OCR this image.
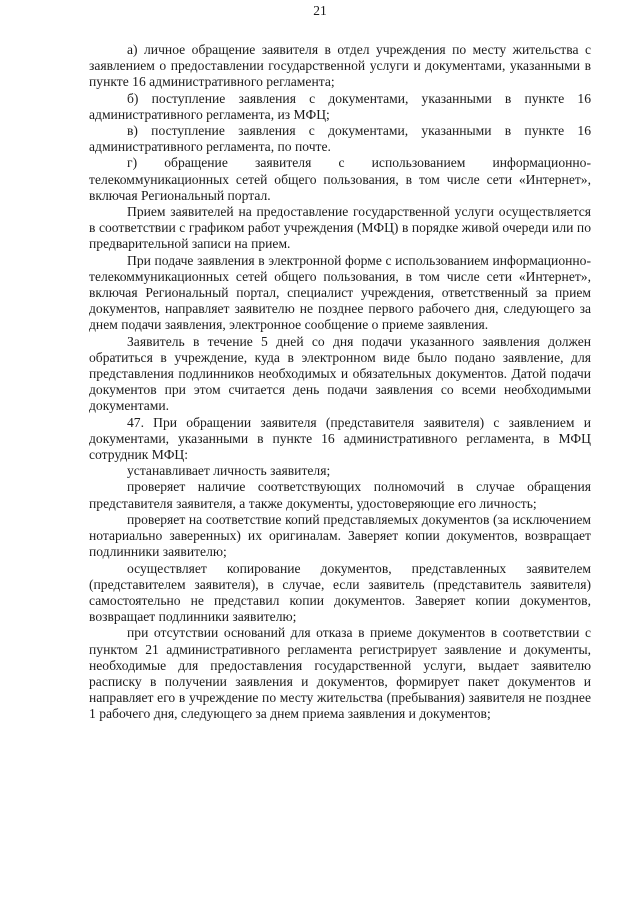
21

а) личное обращение заявителя в отдел учреждения по месту жительства с заявлением о предоставлении государственной услуги и документами, указанными в пункте 16 административного регламента;

б) поступление заявления с документами, указанными в пункте 16 административного регламента, из МФЦ;

в) поступление заявления с документами, указанными в пункте 16 административного регламента, по почте.

г) обращение заявителя с использованием информационно-телекоммуникационных сетей общего пользования, в том числе сети «Интернет», включая Региональный портал.

Прием заявителей на предоставление государственной услуги осуществляется в соответствии с графиком работ учреждения (МФЦ) в порядке живой очереди или по предварительной записи на прием.

При подаче заявления в электронной форме с использованием информационно-телекоммуникационных сетей общего пользования, в том числе сети «Интернет», включая Региональный портал, специалист учреждения, ответственный за прием документов, направляет заявителю не позднее первого рабочего дня, следующего за днем подачи заявления, электронное сообщение о приеме заявления.

Заявитель в течение 5 дней со дня подачи указанного заявления должен обратиться в учреждение, куда в электронном виде было подано заявление, для представления подлинников необходимых и обязательных документов. Датой подачи документов при этом считается день подачи заявления со всеми необходимыми документами.

47. При обращении заявителя (представителя заявителя) с заявлением и документами, указанными в пункте 16 административного регламента, в МФЦ сотрудник МФЦ:

устанавливает личность заявителя;

проверяет наличие соответствующих полномочий в случае обращения представителя заявителя, а также документы, удостоверяющие его личность;

проверяет на соответствие копий представляемых документов (за исключением нотариально заверенных) их оригиналам. Заверяет копии документов, возвращает подлинники заявителю;

осуществляет копирование документов, представленных заявителем (представителем заявителя), в случае, если заявитель (представитель заявителя) самостоятельно не представил копии документов. Заверяет копии документов, возвращает подлинники заявителю;

при отсутствии оснований для отказа в приеме документов в соответствии с пунктом 21 административного регламента регистрирует заявление и документы, необходимые для предоставления государственной услуги, выдает заявителю расписку в получении заявления и документов, формирует пакет документов и направляет его в учреждение по месту жительства (пребывания) заявителя не позднее 1 рабочего дня, следующего за днем приема заявления и документов;
